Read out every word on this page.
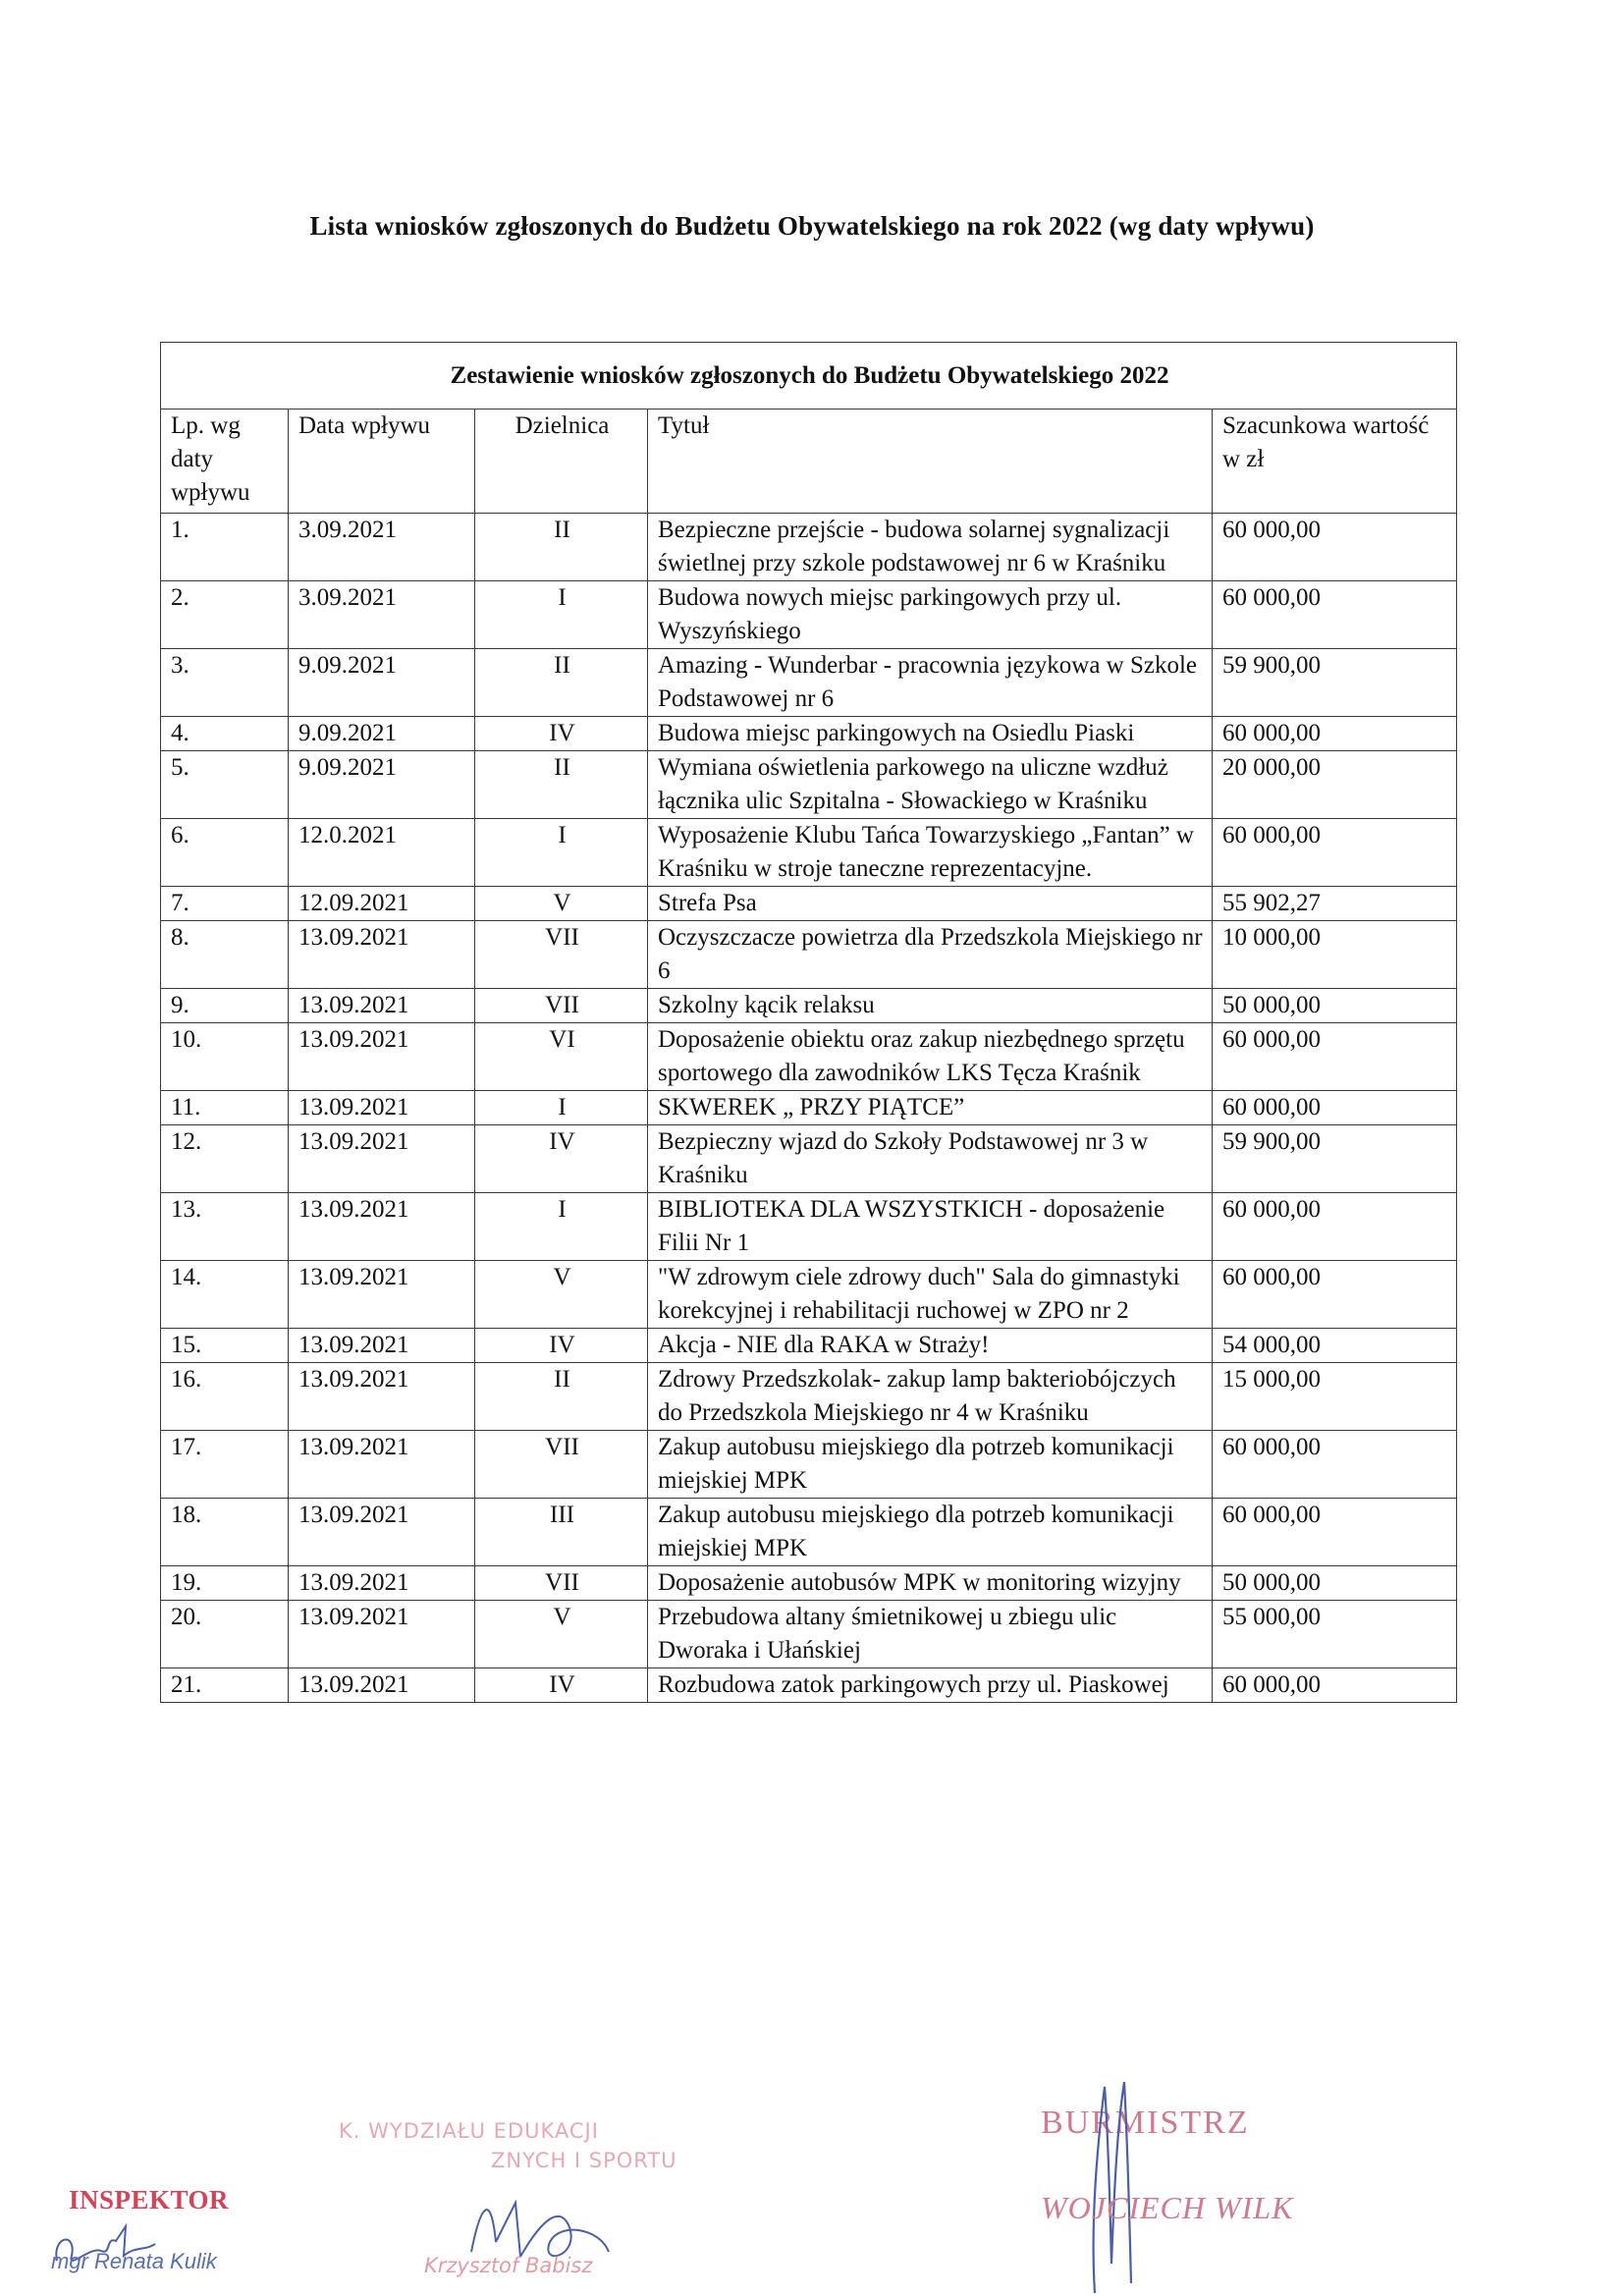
Lista wniosków zgłoszonych do Budżetu Obywatelskiego na rok 2022 (wg daty wpływu)
Zestawienie wniosków zgłoszonych do Budżetu Obywatelskiego 2022				
Lp. wg daty wpływu	Data wpływu	Dzielnica	Tytuł	Szacunkowa wartość w zł
1.	3.09.2021	II	Bezpieczne przejście - budowa solarnej sygnalizacji świetlnej przy szkole podstawowej nr 6 w Kraśniku	60 000,00
2.	3.09.2021	I	Budowa nowych miejsc parkingowych przy ul. Wyszyńskiego	60 000,00
3.	9.09.2021	II	Amazing - Wunderbar - pracownia językowa w Szkole Podstawowej nr 6	59 900,00
4.	9.09.2021	IV	Budowa miejsc parkingowych na Osiedlu Piaski	60 000,00
5.	9.09.2021	II	Wymiana oświetlenia parkowego na uliczne wzdłuż łącznika ulic Szpitalna - Słowackiego w Kraśniku	20 000,00
6.	12.0.2021	I	Wyposażenie Klubu Tańca Towarzyskiego „Fantan” w Kraśniku w stroje taneczne reprezentacyjne.	60 000,00
7.	12.09.2021	V	Strefa Psa	55 902,27
8.	13.09.2021	VII	Oczyszczacze powietrza dla Przedszkola Miejskiego nr 6	10 000,00
9.	13.09.2021	VII	Szkolny kącik relaksu	50 000,00
10.	13.09.2021	VI	Doposażenie obiektu oraz zakup niezbędnego sprzętu sportowego dla zawodników LKS Tęcza Kraśnik	60 000,00
11.	13.09.2021	I	SKWEREK „ PRZY PIĄTCE”	60 000,00
12.	13.09.2021	IV	Bezpieczny wjazd do Szkoły Podstawowej nr 3 w Kraśniku	59 900,00
13.	13.09.2021	I	BIBLIOTEKA DLA WSZYSTKICH - doposażenie Filii Nr 1	60 000,00
14.	13.09.2021	V	"W zdrowym ciele zdrowy duch" Sala do gimnastyki korekcyjnej i rehabilitacji ruchowej w ZPO nr 2	60 000,00
15.	13.09.2021	IV	Akcja - NIE dla RAKA w Straży!	54 000,00
16.	13.09.2021	II	Zdrowy Przedszkolak- zakup lamp bakteriobójczych do Przedszkola Miejskiego nr 4 w Kraśniku	15 000,00
17.	13.09.2021	VII	Zakup autobusu miejskiego dla potrzeb komunikacji miejskiej MPK	60 000,00
18.	13.09.2021	III	Zakup autobusu miejskiego dla potrzeb komunikacji miejskiej MPK	60 000,00
19.	13.09.2021	VII	Doposażenie autobusów MPK w monitoring wizyjny	50 000,00
20.	13.09.2021	V	Przebudowa altany śmietnikowej u zbiegu ulic Dworaka i Ułańskiej	55 000,00
21.	13.09.2021	IV	Rozbudowa zatok parkingowych przy ul. Piaskowej	60 000,00
K. WYDZIAŁU EDUKACJI
ZNYCH I SPORTU
Krzysztof Babisz
INSPEKTOR
mgr Renata Kulik
BURMISTRZ
WOJCIECH WILK
